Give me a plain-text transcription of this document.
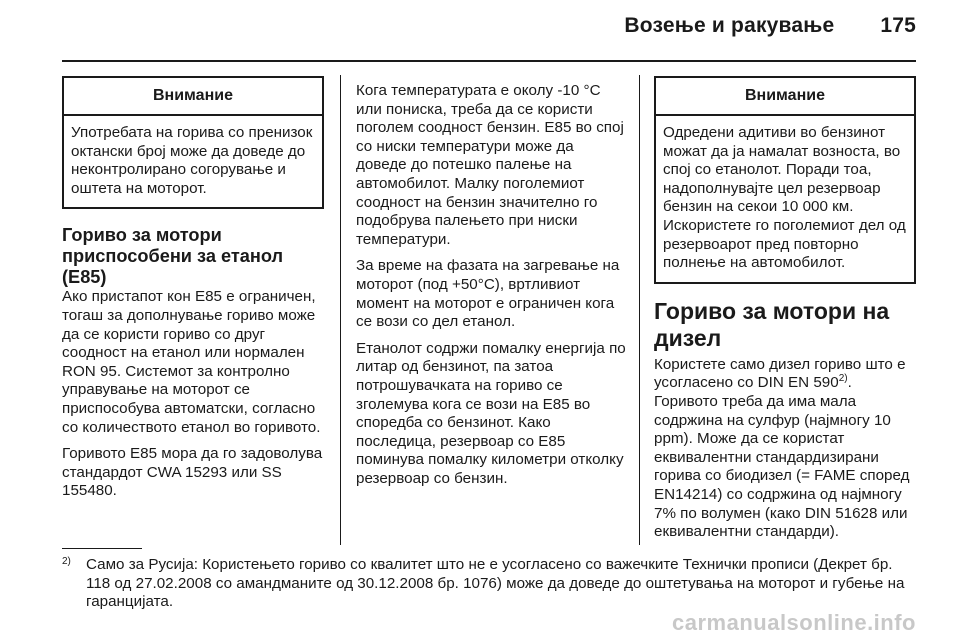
Возење и ракување 175
Внимание
Употребата на горива со пренизок октански број може да доведе до неконтролирано согорување и оштета на моторот.
Гориво за мотори приспособени за етанол (E85)

Ако пристапот кон E85 е ограничен, тогаш за дополнување гориво може да се користи гориво со друг соодност на етанол или нормален RON 95. Системот за контролно управување на моторот се приспособува автоматски, согласно со количеството етанол во горивото.

Горивото E85 мора да го задоволува стандардот CWA 15293 или SS 155480.

Кога температурата е околу -10 °C или пониска, треба да се користи поголем соодност бензин. E85 во спој со ниски температури може да доведе до потешко палење на автомобилот. Малку поголемиот соодност на бензин значително го подобрува палењето при ниски температури.

За време на фазата на загревање на моторот (под +50°C), вртливиот момент на моторот е ограничен кога се вози со дел етанол.

Етанолот содржи помалку енергија по литар од бензинот, па затоа потрошувачката на гориво се зголемува кога се вози на E85 во споредба со бензинот. Како последица, резервоар со E85 поминува помалку километри отколку резервоар со бензин.

Внимание
Одредени адитиви во бензинот можат да ја намалат возноста, во спој со етанолот. Поради тоа, надополнувајте цел резервоар бензин на секои 10 000 км. Искористете го поголемиот дел од резервоарот пред повторно полнење на автомобилот.
Гориво за мотори на дизел

Користете само дизел гориво што е усогласено со DIN EN 590$^{2)}$. Горивото треба да има мала содржина на сулфур (најмногу 10 ppm). Може да се користат еквивалентни стандардизирани горива со биодизел (= FAME според EN14214) со содржина од најмногу 7% по волумен (како DIN 51628 или еквивалентни стандарди).

2) Само за Русија: Користењето гориво со квалитет што не е усогласено со важечките Технички прописи (Декрет бр. 118 од 27.02.2008 со амандманите од 30.12.2008 бр. 1076) може да доведе до оштетувања на моторот и губење на гаранцијата.
carmanualsonline.info
